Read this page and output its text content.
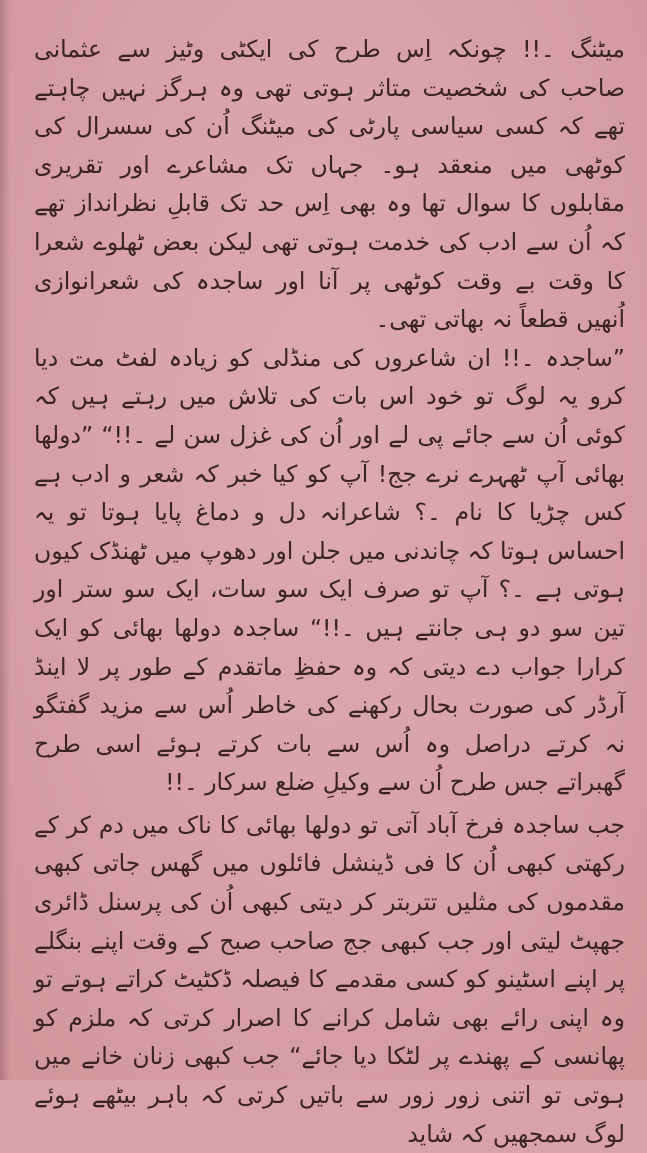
میٹنگ ۔!! چونکہ اِس طرح کی ایکٹی وٹیز سے عثمانی صاحب کی شخصیت متاثر ہوتی تھی وہ ہرگز نہیں چاہتے تھے کہ کسی سیاسی پارٹی کی میٹنگ اُن کی سسرال کی کوٹھی میں منعقد ہو۔ جہاں تک مشاعرے اور تقریری مقابلوں کا سوال تھا وہ بھی اِس حد تک قابلِ نظرانداز تھے کہ اُن سے ادب کی خدمت ہوتی تھی لیکن بعض ٹھلوے شعرا کا وقت بے وقت کوٹھی پر آنا اور ساجدہ کی شعرانوازی اُنھیں قطعاً نہ بھاتی تھی۔

”ساجدہ ۔!! ان شاعروں کی منڈلی کو زیادہ لفٹ مت دیا کرو یہ لوگ تو خود اس بات کی تلاش میں رہتے ہیں کہ کوئی اُن سے جائے پی لے اور اُن کی غزل سن لے ۔!!“ ”دولھا بھائی آپ ٹھہرے نرے جج! آپ کو کیا خبر کہ شعر و ادب ہے کس چڑیا کا نام ۔؟ شاعرانہ دل و دماغ پایا ہوتا تو یہ احساس ہوتا کہ چاندنی میں جلن اور دھوپ میں ٹھنڈک کیوں ہوتی ہے ۔؟ آپ تو صرف ایک سو سات، ایک سو ستر اور تین سو دو ہی جانتے ہیں ۔!!“ ساجدہ دولھا بھائی کو ایک کرارا جواب دے دیتی کہ وہ حفظِ ماتقدم کے طور پر لا اینڈ آرڈر کی صورت بحال رکھنے کی خاطر اُس سے مزید گفتگو نہ کرتے دراصل وہ اُس سے بات کرتے ہوئے اسی طرح گھبراتے جس طرح اُن سے وکیلِ ضلع سرکار ۔!!

جب ساجدہ فرخ آباد آتی تو دولھا بھائی کا ناک میں دم کر کے رکھتی کبھی اُن کا فی ڈینشل فائلوں میں گھس جاتی کبھی مقدموں کی مثلیں تتربتر کر دیتی کبھی اُن کی پرسنل ڈائری جھپٹ لیتی اور جب کبھی جج صاحب صبح کے وقت اپنے بنگلے پر اپنے اسٹینو کو کسی مقدمے کا فیصلہ ڈکٹیٹ کراتے ہوتے تو وہ اپنی رائے بھی شامل کرانے کا اصرار کرتی کہ ملزم کو پھانسی کے پھندے پر لٹکا دیا جائے“ جب کبھی زنان خانے میں ہوتی تو اتنی زور زور سے باتیں کرتی کہ باہر بیٹھے ہوئے لوگ سمجھیں کہ شاید
